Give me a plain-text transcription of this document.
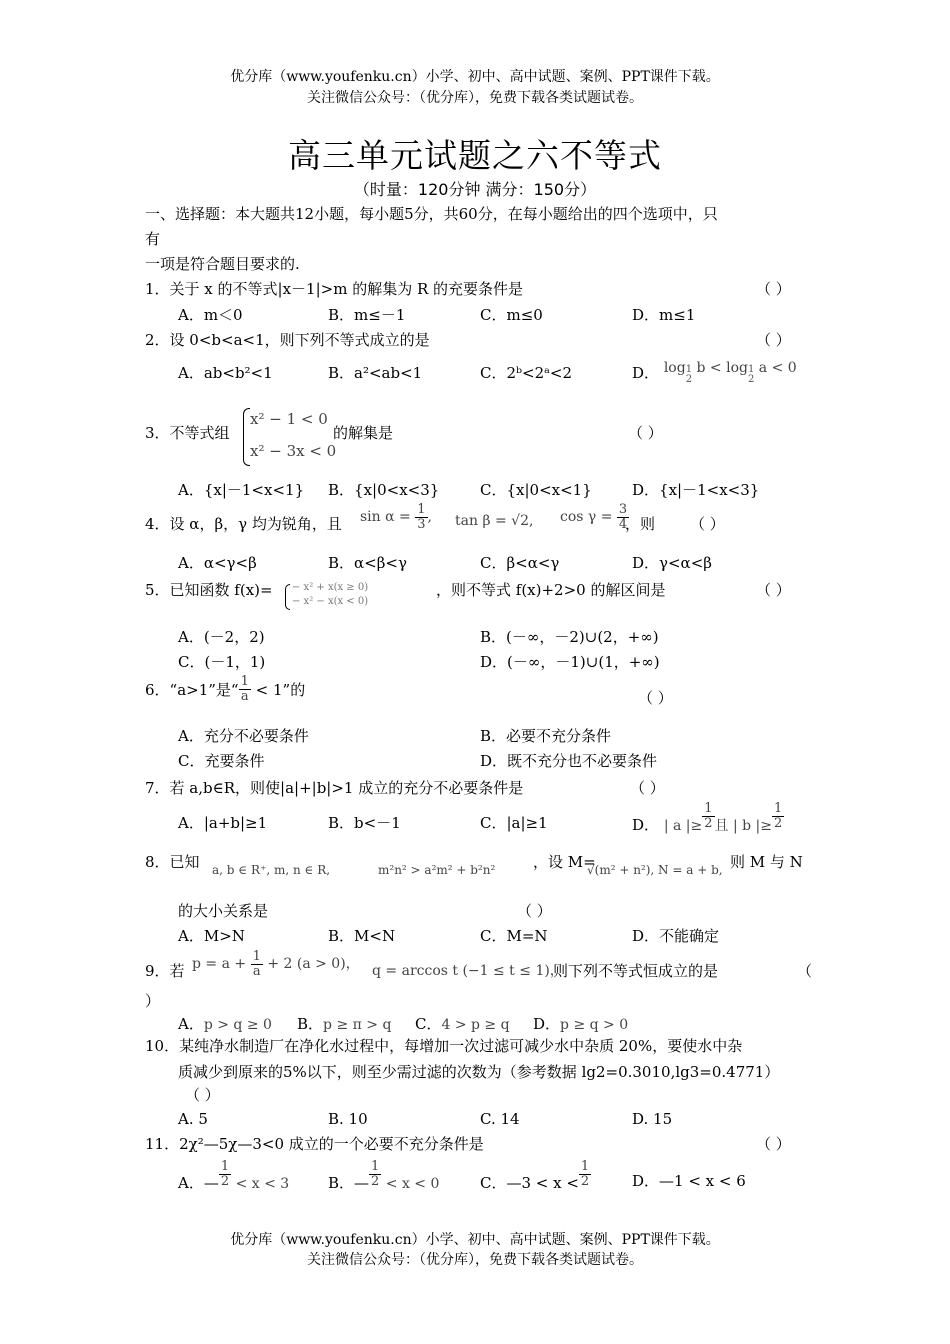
优分库（www.youfenku.cn）小学、初中、高中试题、案例、PPT课件下载。
关注微信公众号：（优分库），免费下载各类试题试卷。
高三单元试题之六不等式
（时量：120分钟 满分：150分）
一、选择题：本大题共12小题，每小题5分，共60分，在每小题给出的四个选项中，只
有
一项是符合题目要求的.
1．关于 x 的不等式|x－1|>m 的解集为 R 的充要条件是	（ ）
A．m＜0	B．m≤－1	C．m≤0	D．m≤1
2．设 0<b<a<1，则下列不等式成立的是	（ ）
A．ab<b²<1	B．a²<ab<1	C．2ᵇ<2ᵃ<2	D． log 1
2
b < log 1
2
a < 0
3．不等式组
x² − 1 < 0
x² − 3x < 0
的解集是	（ ）
A．{x|－1<x<1} B．{x|0<x<3}	C．{x|0<x<1}	D．{x|－1<x<3}
4．设 α，β，γ 均为锐角，且 $\sin \alpha = \frac{1}{3}$ , tan β = √2, $\cos \gamma = \frac{3}{4}$
，则 （ ）
A．α<γ<β	B．α<β<γ	C．β<α<γ	D．γ<α<β
5．已知函数 f(x)= − x² + x(x ≥ 0)
− x² − x(x < 0)
，则不等式 f(x)+2>0 的解区间是	（ ）
A．(－2，2)	B．(－∞，－2)∪(2，+∞)
C．(－1，1)	D．(－∞，－1)∪(1，+∞)
6．“a>1”是“ $\frac{1}{a} < 1$”的	（ ）
A．充分不必要条件	B．必要不充分条件
C．充要条件	D．既不充分也不必要条件
7．若 a,b∈R，则使|a|+|b|>1 成立的充分不必要条件是	（ ）
A．|a+b|≥1	B．b<－1	C．|a|≥1	D． | a |≥ $\frac{1}{2}$ 且 | b |≥ $\frac{1}{2}$
8．已知 a, b ∈ R⁺, m, n ∈ R,	m²n² > a²m² + b²n²	，设 M=
√(m² + n²), N = a + b, 则 M 与 N
的大小关系是	（ ）
A．M>N	B．M<N	C．M=N	D．不能确定
9．若 $p = a + \frac{1}{a} + 2$ (a > 0)， q = arccos t (−1 ≤ t ≤ 1)，
则下列不等式恒成立的是	（
）
A．p > q ≥ 0 B．p ≥ π > q C．4 > p ≥ q D．p ≥ q > 0
10．某纯净水制造厂在净化水过程中，每增加一次过滤可减少水中杂质 20%，要使水中杂
质减少到原来的5%以下，则至少需过滤的次数为（参考数据 lg2=0.3010,lg3=0.4771）
（ ）
A. 5	B. 10	C. 14	D. 15
11．2χ²—5χ—3<0 成立的一个必要不充分条件是	（ ）
A．— $\frac{1}{2} < x < 3$	B．— $\frac{1}{2} < x < 0$	C．—3 < $x < \frac{1}{2}$	D．—1 < x < 6
优分库（www.youfenku.cn）小学、初中、高中试题、案例、PPT课件下载。
关注微信公众号：（优分库），免费下载各类试题试卷。
